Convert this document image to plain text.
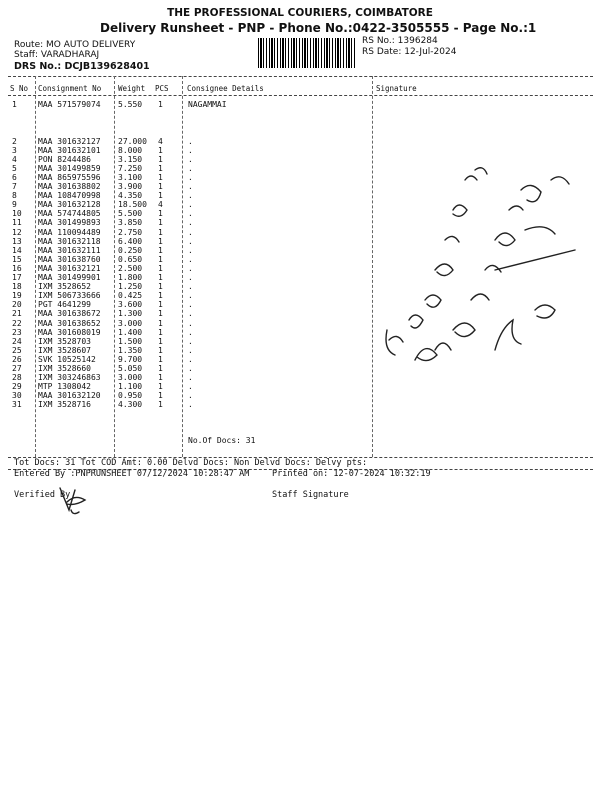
THE PROFESSIONAL COURIERS, COIMBATORE
Delivery Runsheet - PNP - Phone No.:0422-3505555 - Page No.:1
Route: MO AUTO DELIVERY
Staff: VARADHARAJ
DRS No.: DCJB139628401
RS No.: 1396284
RS Date: 12-Jul-2024
S No Consignment No Weight PCS Consignee Details	Signature
1	MAA 571579074 5.550 1	NAGAMMAI
2	MAA 301632127 27.000 4	.
3	MAA 301632101 8.000 1	.
4	PON 8244486	3.150 1	.
5	MAA 301499859 7.250 1	.
6	MAA 865975596 3.100 1	.
7	MAA 301638802 3.900 1	.
8	MAA 108470998 4.350 1	.
9	MAA 301632128 18.500 4	.
10 MAA 574744805 5.500 1	.
11 MAA 301499893 3.850 1	.
12 MAA 110094489 2.750 1	.
13 MAA 301632118 6.400 1	.
14 MAA 301632111 0.250 1	.
15 MAA 301638760 0.650 1	.
16 MAA 301632121 2.500 1	.
17 MAA 301499901 1.800 1	.
18 IXM 3528652	1.250 1	.
19 IXM 506733666 0.425 1	.
20 PGT 4641299	3.600 1	.
21 MAA 301638672 1.300 1	.
22 MAA 301638652 3.000 1	.
23 MAA 301608019 1.400 1	.
24 IXM 3528703	1.500 1	.
25 IXM 3528607	1.350 1	.
26 SVK 10525142	9.700 1	.
27 IXM 3528660	5.050 1	.
28 IXM 303246863 3.000 1	.
29 MTP 1308042	1.100 1	.
30 MAA 301632120 0.950 1	.
31 IXM 3528716	4.300 1	.
No.Of Docs: 31
Tot Docs: 31 Tot COD Amt: 0.00 Delvd Docs: Non Delvd Docs: Delvy pts:
Entered By :PNPRUNSHEET 07/12/2024 10:28:47 AM	Printed on: 12-07-2024 10:32:19
Verified By	Staff Signature
